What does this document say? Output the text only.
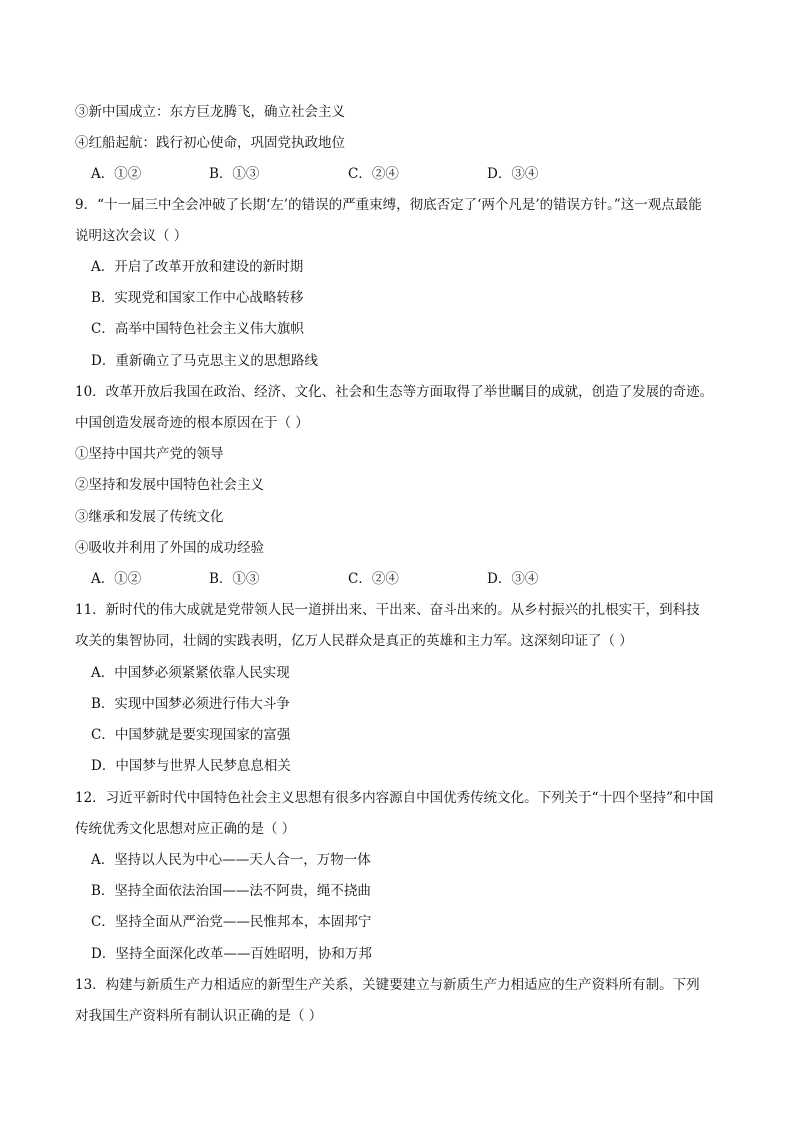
③新中国成立：东方巨龙腾飞，确立社会主义
④红船起航：践行初心使命，巩固党执政地位
A．①②	B．①③	C．②④	D．③④
9．“十一届三中全会冲破了长期‘左’的错误的严重束缚，彻底否定了‘两个凡是’的错误方针。”这一观点最能
说明这次会议（ ）
A．开启了改革开放和建设的新时期
B．实现党和国家工作中心战略转移
C．高举中国特色社会主义伟大旗帜
D．重新确立了马克思主义的思想路线
10．改革开放后我国在政治、经济、文化、社会和生态等方面取得了举世瞩目的成就，创造了发展的奇迹。
中国创造发展奇迹的根本原因在于（ ）
①坚持中国共产党的领导
②坚持和发展中国特色社会主义
③继承和发展了传统文化
④吸收并利用了外国的成功经验
A．①②	B．①③	C．②④	D．③④
11．新时代的伟大成就是党带领人民一道拼出来、干出来、奋斗出来的。从乡村振兴的扎根实干，到科技
攻关的集智协同，壮阔的实践表明，亿万人民群众是真正的英雄和主力军。这深刻印证了（ ）
A．中国梦必须紧紧依靠人民实现
B．实现中国梦必须进行伟大斗争
C．中国梦就是要实现国家的富强
D．中国梦与世界人民梦息息相关
12．习近平新时代中国特色社会主义思想有很多内容源自中国优秀传统文化。下列关于“十四个坚持”和中国
传统优秀文化思想对应正确的是（ ）
A．坚持以人民为中心——天人合一，万物一体
B．坚持全面依法治国——法不阿贵，绳不挠曲
C．坚持全面从严治党——民惟邦本，本固邦宁
D．坚持全面深化改革——百姓昭明，协和万邦
13．构建与新质生产力相适应的新型生产关系，关键要建立与新质生产力相适应的生产资料所有制。下列
对我国生产资料所有制认识正确的是（ ）
